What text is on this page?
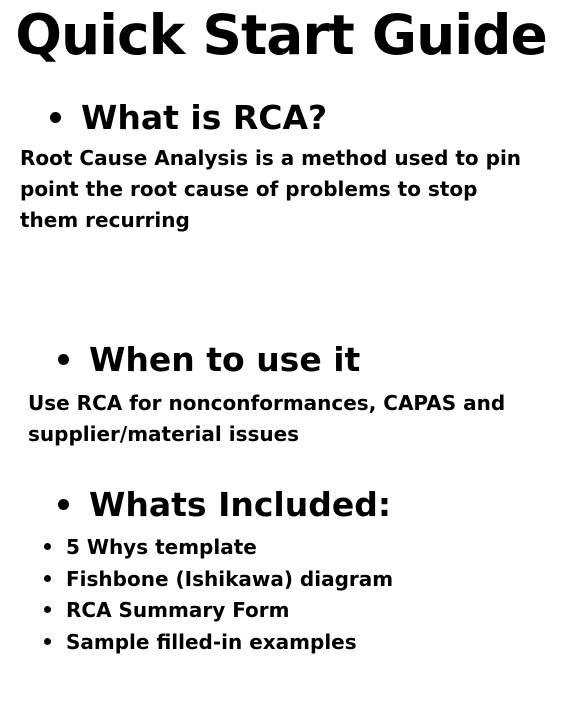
Quick Start Guide
What is RCA?

Root Cause Analysis is a method used to pin point the root cause of problems to stop them recurring

When to use it

Use RCA for nonconformances, CAPAS and supplier/material issues

Whats Included:
5 Whys template
Fishbone (Ishikawa) diagram
RCA Summary Form
Sample filled-in examples
